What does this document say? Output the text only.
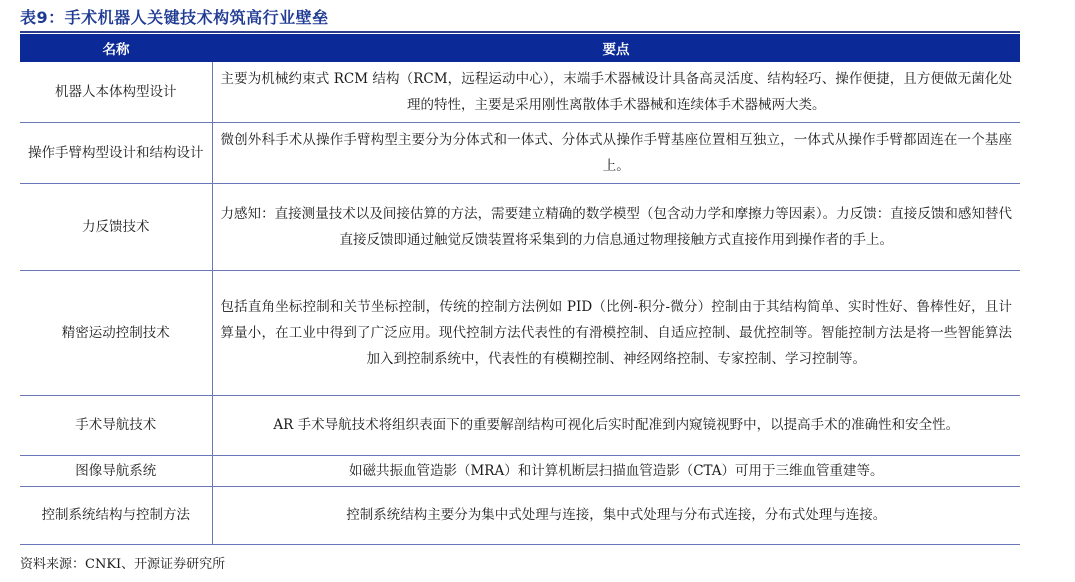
表9：手术机器人关键技术构筑高行业壁垒
名称	要点
机器人本体构型设计	主要为机械约束式 RCM 结构（RCM，远程运动中心），末端手术器械设计具备高灵活度、结构轻巧、操作便捷，且方便做无菌化处理的特性，主要是采用刚性离散体手术器械和连续体手术器械两大类。
操作手臂构型设计和结构设计	微创外科手术从操作手臂构型主要分为分体式和一体式、分体式从操作手臂基座位置相互独立，一体式从操作手臂都固连在一个基座上。
力反馈技术	力感知：直接测量技术以及间接估算的方法，需要建立精确的数学模型（包含动力学和摩擦力等因素）。力反馈：直接反馈和感知替代直接反馈即通过触觉反馈装置将采集到的力信息通过物理接触方式直接作用到操作者的手上。
精密运动控制技术	包括直角坐标控制和关节坐标控制，传统的控制方法例如 PID（比例-积分-微分）控制由于其结构简单、实时性好、鲁棒性好，且计算量小，在工业中得到了广泛应用。现代控制方法代表性的有滑模控制、自适应控制、最优控制等。智能控制方法是将一些智能算法加入到控制系统中，代表性的有模糊控制、神经网络控制、专家控制、学习控制等。
手术导航技术	AR 手术导航技术将组织表面下的重要解剖结构可视化后实时配准到内窥镜视野中，以提高手术的准确性和安全性。
图像导航系统	如磁共振血管造影（MRA）和计算机断层扫描血管造影（CTA）可用于三维血管重建等。
控制系统结构与控制方法	控制系统结构主要分为集中式处理与连接，集中式处理与分布式连接，分布式处理与连接。
资料来源：CNKI、开源证券研究所
